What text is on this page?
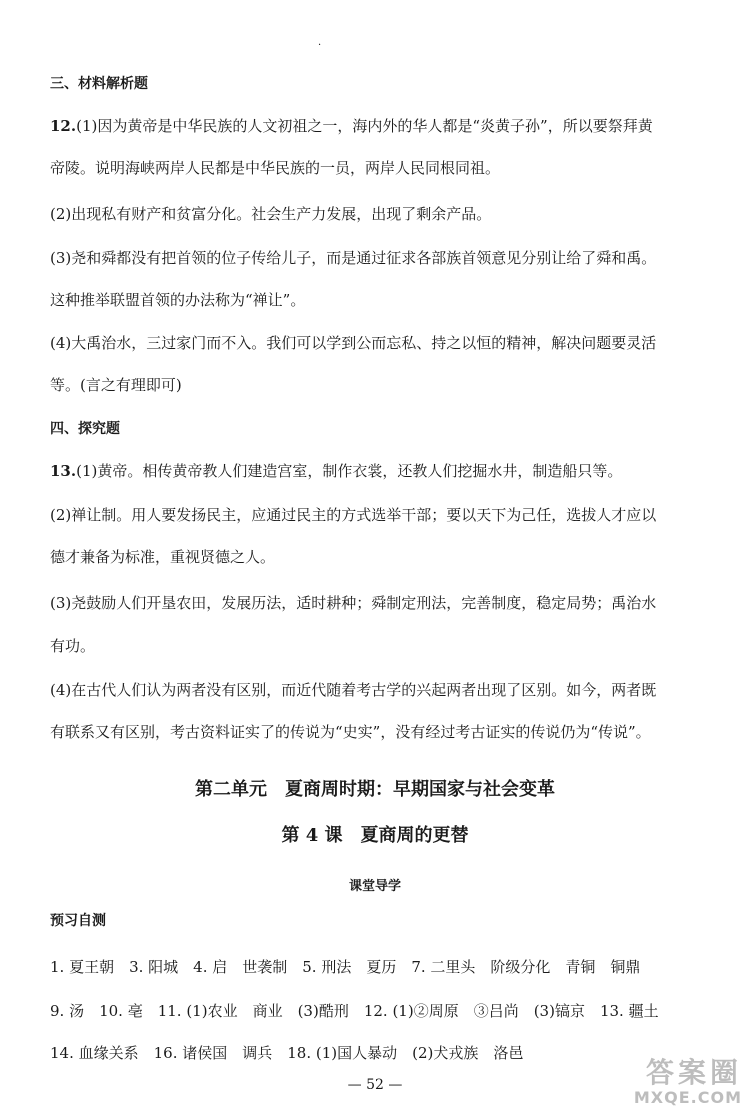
·
三、材料解析题
12.(1)因为黄帝是中华民族的人文初祖之一，海内外的华人都是“炎黄子孙”，所以要祭拜黄
帝陵。说明海峡两岸人民都是中华民族的一员，两岸人民同根同祖。
(2)出现私有财产和贫富分化。社会生产力发展，出现了剩余产品。
(3)尧和舜都没有把首领的位子传给儿子，而是通过征求各部族首领意见分别让给了舜和禹。
这种推举联盟首领的办法称为“禅让”。
(4)大禹治水，三过家门而不入。我们可以学到公而忘私、持之以恒的精神，解决问题要灵活
等。(言之有理即可)
四、探究题
13.(1)黄帝。相传黄帝教人们建造宫室，制作衣裳，还教人们挖掘水井，制造船只等。
(2)禅让制。用人要发扬民主，应通过民主的方式选举干部；要以天下为己任，选拔人才应以
德才兼备为标准，重视贤德之人。
(3)尧鼓励人们开垦农田，发展历法，适时耕种；舜制定刑法，完善制度，稳定局势；禹治水
有功。
(4)在古代人们认为两者没有区别，而近代随着考古学的兴起两者出现了区别。如今，两者既
有联系又有区别，考古资料证实了的传说为“史实”，没有经过考古证实的传说仍为“传说”。
第二单元　夏商周时期：早期国家与社会变革
第 4 课　夏商周的更替
课堂导学
预习自测
1. 夏王朝　3. 阳城　4. 启　世袭制　5. 刑法　夏历　7. 二里头　阶级分化　青铜　铜鼎
9. 汤　10. 亳　11. (1)农业　商业　(3)酷刑　12. (1)②周原　③吕尚　(3)镐京　13. 疆土
14. 血缘关系　16. 诸侯国　调兵　18. (1)国人暴动　(2)犬戎族　洛邑
— 52 —	答案圈
MXQE.COM
